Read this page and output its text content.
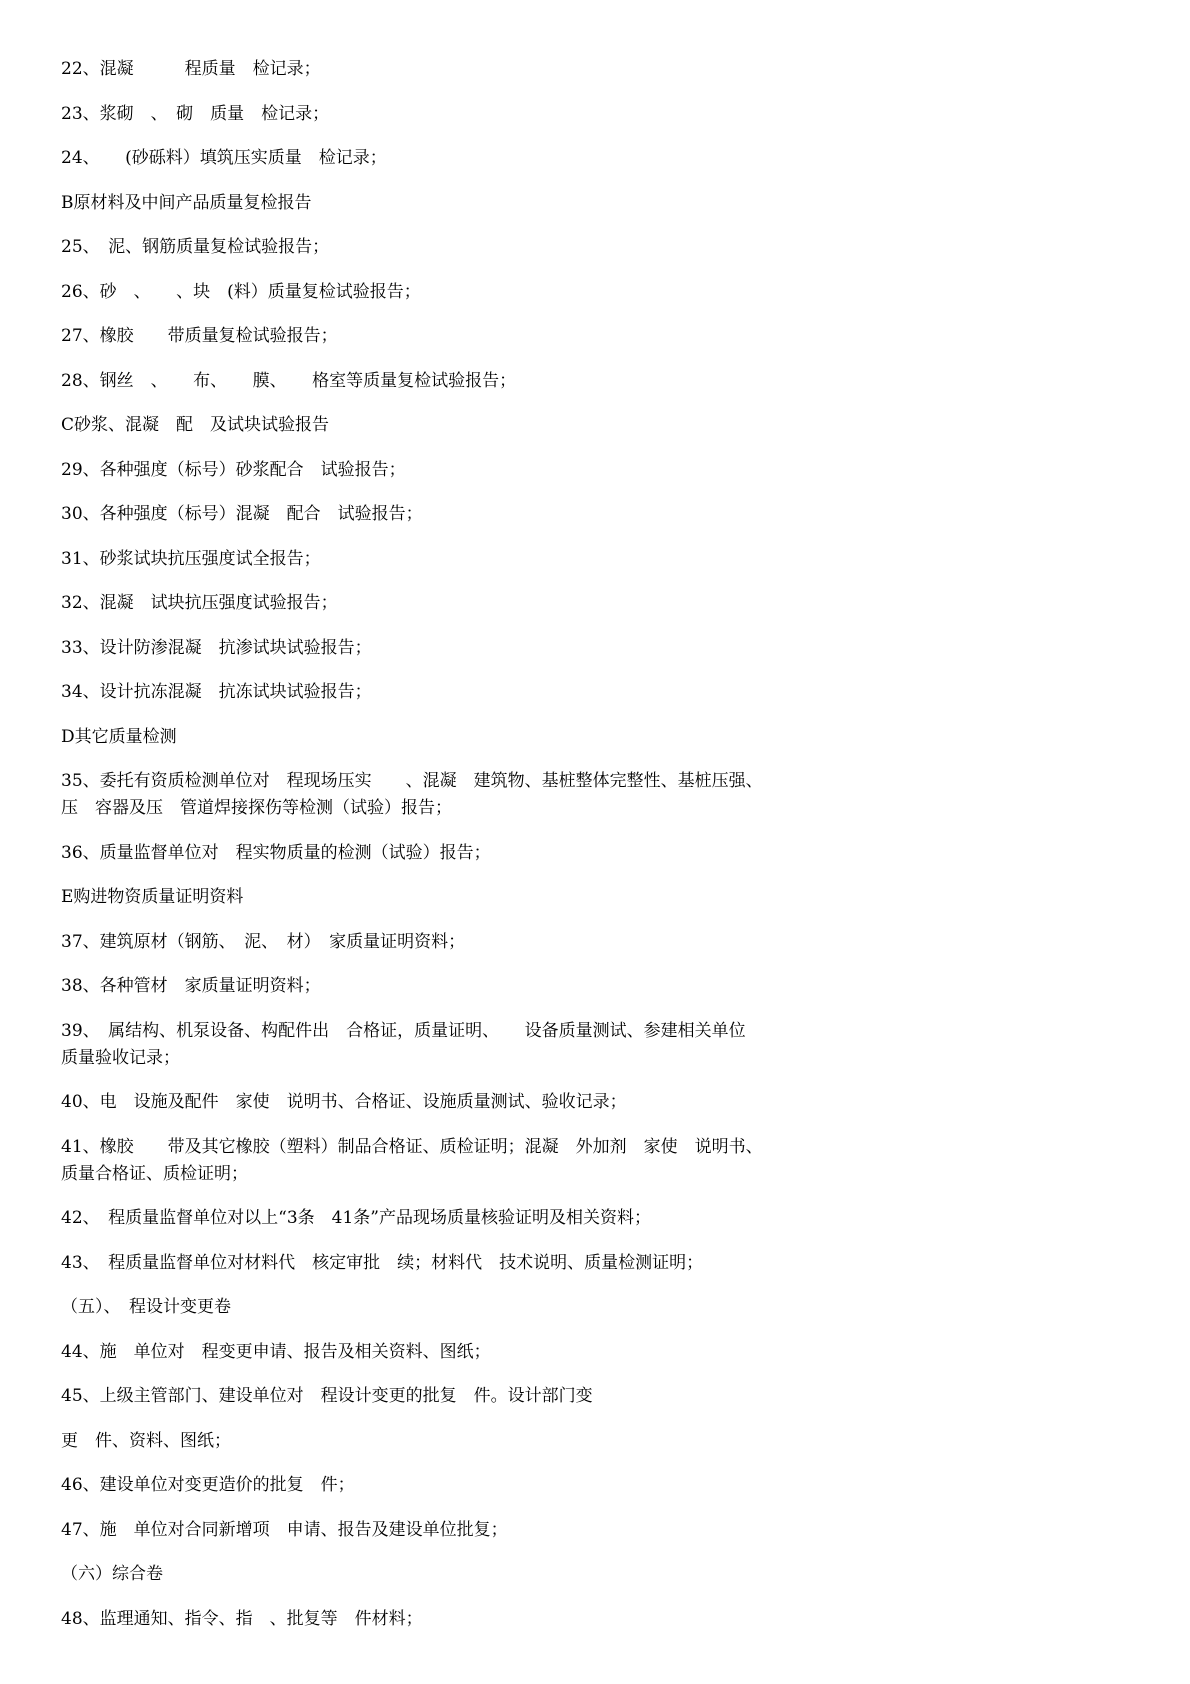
22、混凝　　　程质量　检记录；
23、浆砌　、　砌　质量　检记录；
24、　　(砂砾料）填筑压实质量　检记录；
B原材料及中间产品质量复检报告
25、　泥、钢筋质量复检试验报告；
26、砂　、　　、块　(料）质量复检试验报告；
27、橡胶　　带质量复检试验报告；
28、钢丝　、　　布、　　膜、　　格室等质量复检试验报告；
C砂浆、混凝　配　及试块试验报告
29、各种强度（标号）砂浆配合　试验报告；
30、各种强度（标号）混凝　配合　试验报告；
31、砂浆试块抗压强度试全报告；
32、混凝　试块抗压强度试验报告；
33、设计防渗混凝　抗渗试块试验报告；
34、设计抗冻混凝　抗冻试块试验报告；
D其它质量检测
35、委托有资质检测单位对　程现场压实　　、混凝　建筑物、基桩整体完整性、基桩压强、
压　容器及压　管道焊接探伤等检测（试验）报告；
36、质量监督单位对　程实物质量的检测（试验）报告；
E购进物资质量证明资料
37、建筑原材（钢筋、　泥、　材）　家质量证明资料；
38、各种管材　家质量证明资料；
39、　属结构、机泵设备、构配件出　合格证，质量证明、　　设备质量测试、参建相关单位
质量验收记录；
40、电　设施及配件　家使　说明书、合格证、设施质量测试、验收记录；
41、橡胶　　带及其它橡胶（塑料）制品合格证、质检证明；混凝　外加剂　家使　说明书、
质量合格证、质检证明；
42、　程质量监督单位对以上“3条　41条”产品现场质量核验证明及相关资料；
43、　程质量监督单位对材料代　核定审批　续；材料代　技术说明、质量检测证明；
（五）、　程设计变更卷
44、施　单位对　程变更申请、报告及相关资料、图纸；
45、上级主管部门、建设单位对　程设计变更的批复　件。设计部门变
更　件、资料、图纸；
46、建设单位对变更造价的批复　件；
47、施　单位对合同新增项　申请、报告及建设单位批复；
（六）综合卷
48、监理通知、指令、指　、批复等　件材料；
